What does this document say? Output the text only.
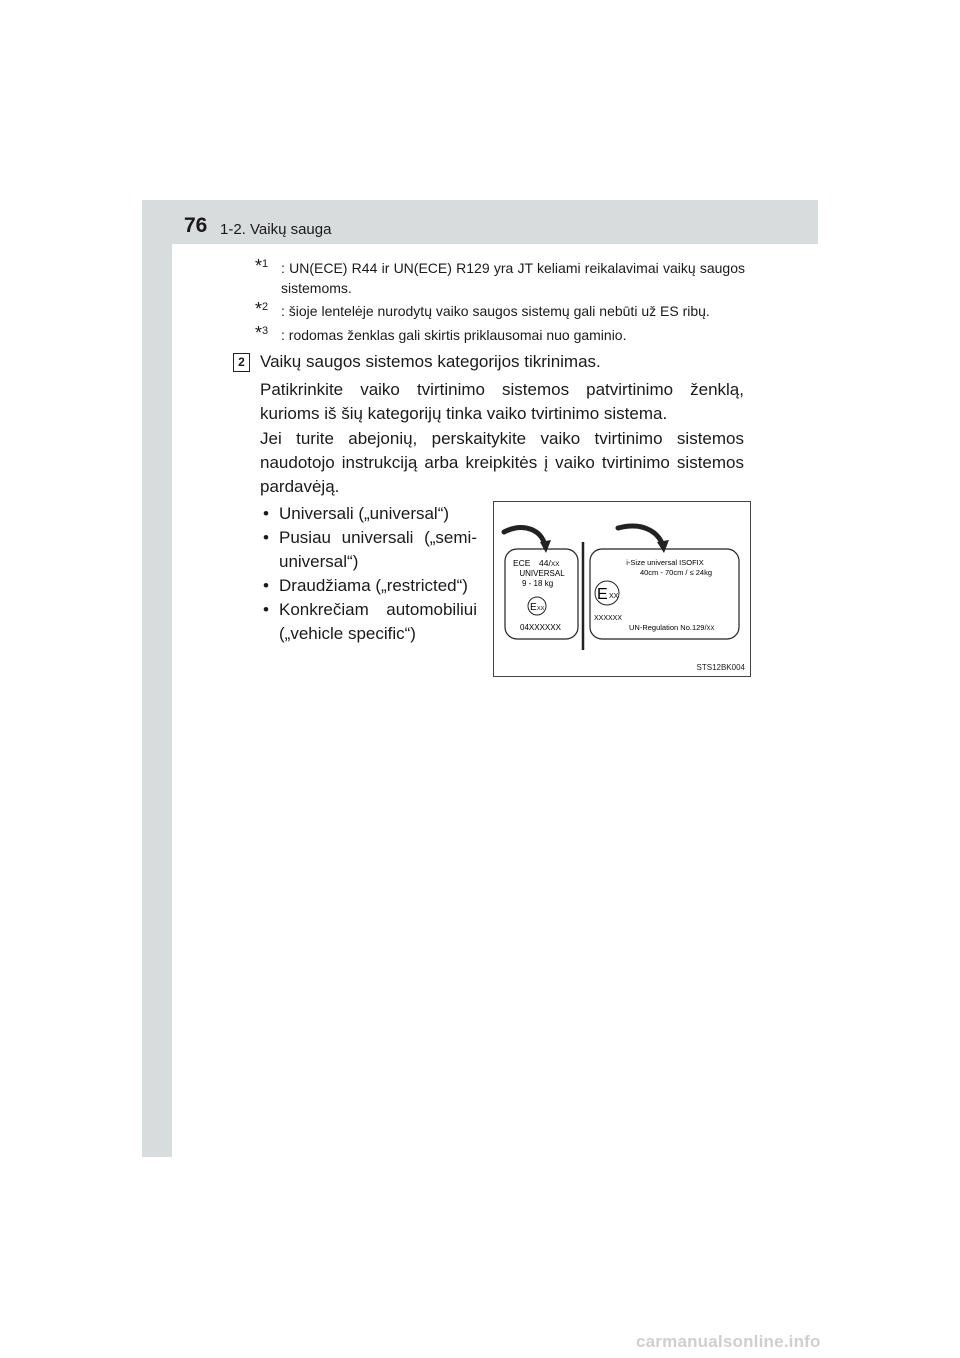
76 1-2. Vaikų sauga
*$^1$ : UN(ECE) R44 ir UN(ECE) R129 yra JT keliami reikalavimai vaikų saugos sistemoms.
*$^2$ : šioje lentelėje nurodytų vaiko saugos sistemų gali nebūti už ES ribų.
*$^3$ : rodomas ženklas gali skirtis priklausomai nuo gaminio.
2 Vaikų saugos sistemos kategorijos tikrinimas.
Patikrinkite vaiko tvirtinimo sistemos patvirtinimo ženklą, kurioms iš šių kategorijų tinka vaiko tvirtinimo sistema.
Jei turite abejonių, perskaitykite vaiko tvirtinimo sistemos naudotojo instrukciją arba kreipkitės į vaiko tvirtinimo sistemos pardavėją.
• Universali („universal“)
• Pusiau universali („semi-universal“)
• Draudžiama („restricted“)
• Konkrečiam automobiliui („vehicle specific“)
ECE 44/XX
UNIVERSAL
9 - 18 kg
E XX
04XXXXXX
i-Size universal ISOFIX
40cm - 70cm / ≤ 24kg
E XX
XXXXXX
UN-Regulation No.129/XX
STS12BK004
carmanualsonline.info
